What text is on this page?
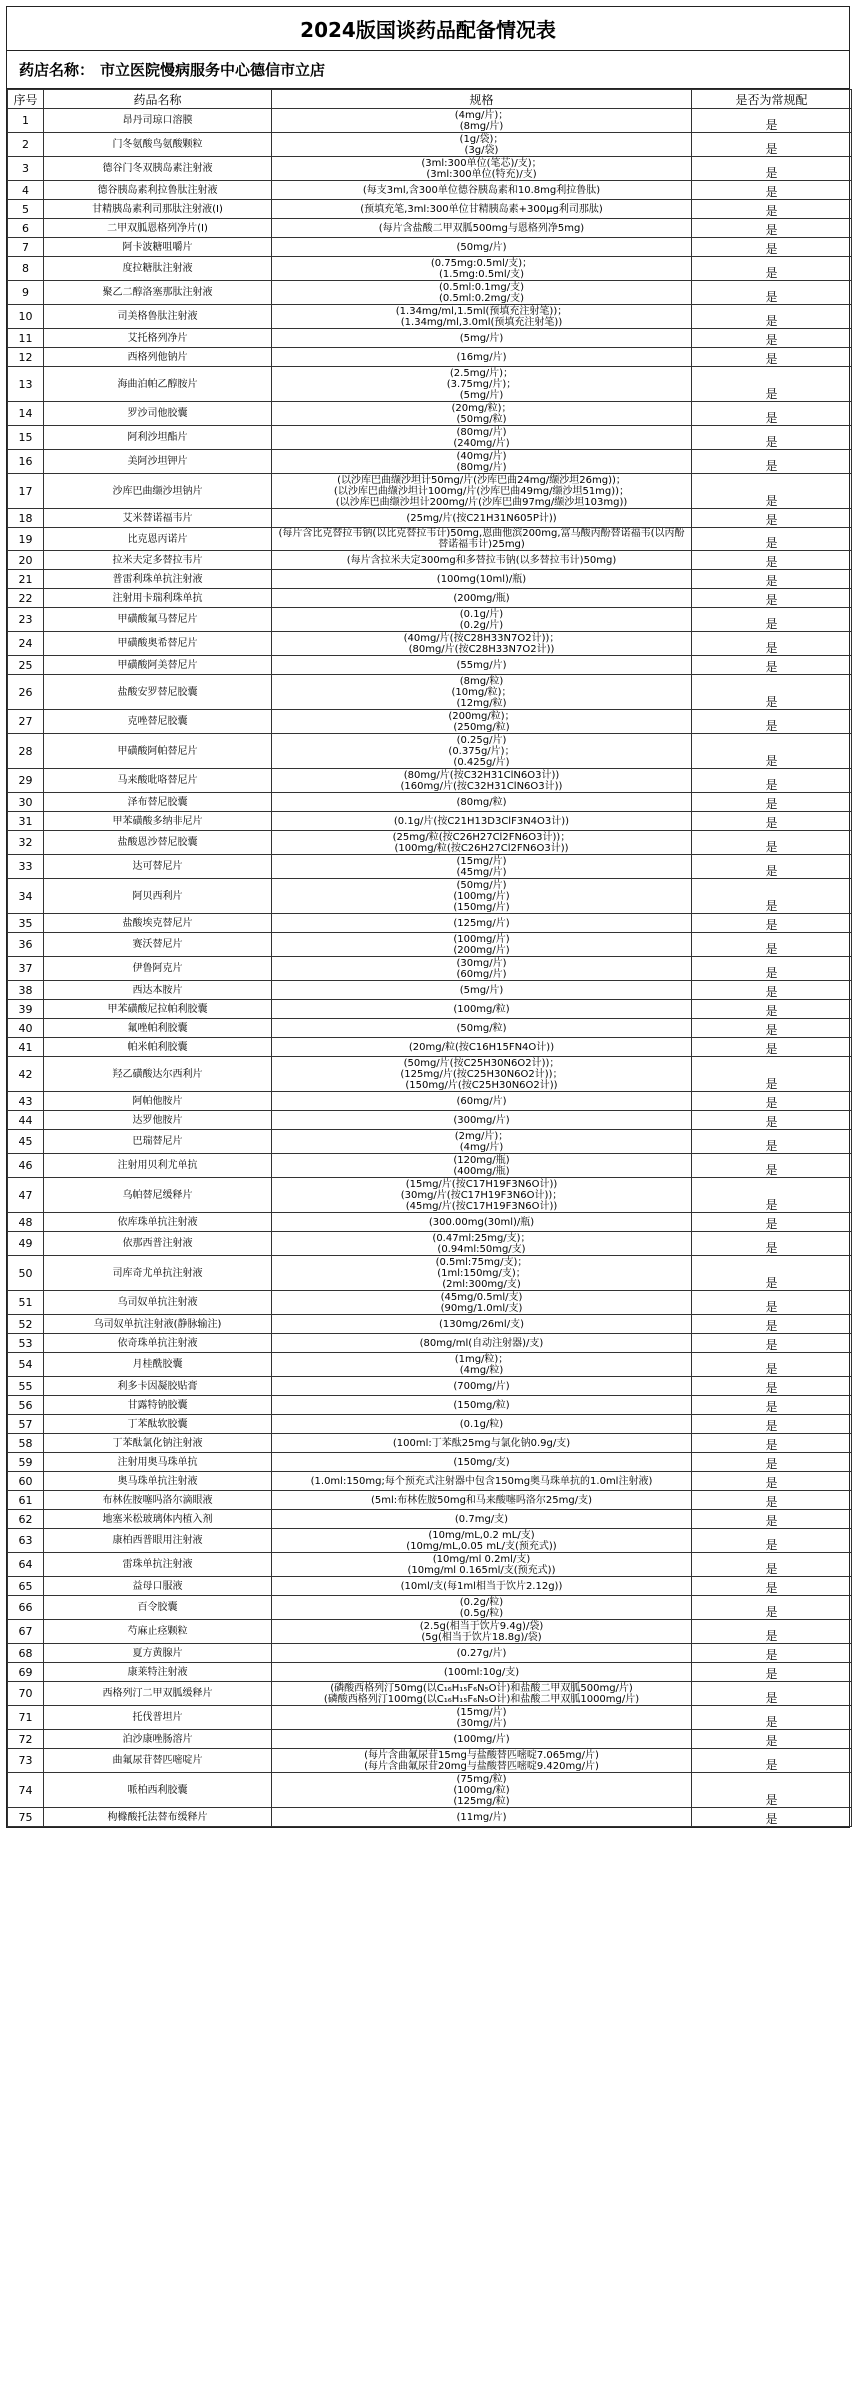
2024版国谈药品配备情况表
药店名称： 市立医院慢病服务中心德信市立店
序号	药品名称	规格	是否为常规配
1	昂丹司琼口溶膜	(4mg/片)；
(8mg/片)	是
2	门冬氨酸鸟氨酸颗粒	(1g/袋)；
(3g/袋)	是
3	德谷门冬双胰岛素注射液	(3ml:300单位(笔芯)/支)；
(3ml:300单位(特充)/支)	是
4	德谷胰岛素利拉鲁肽注射液	(每支3ml,含300单位德谷胰岛素和10.8mg利拉鲁肽)	是
5	甘精胰岛素利司那肽注射液(Ⅰ)	(预填充笔,3ml:300单位甘精胰岛素+300μg利司那肽)	是
6	二甲双胍恩格列净片(Ⅰ)	(每片含盐酸二甲双胍500mg与恩格列净5mg)	是
7	阿卡波糖咀嚼片	(50mg/片)	是
8	度拉糖肽注射液	(0.75mg:0.5ml/支)；
(1.5mg:0.5ml/支)	是
9	聚乙二醇洛塞那肽注射液	(0.5ml:0.1mg/支)
(0.5ml:0.2mg/支)	是
10	司美格鲁肽注射液	(1.34mg/ml,1.5ml(预填充注射笔))；
(1.34mg/ml,3.0ml(预填充注射笔))	是
11	艾托格列净片	(5mg/片)	是
12	西格列他钠片	(16mg/片)	是
13	海曲泊帕乙醇胺片	(2.5mg/片)；
(3.75mg/片)；
(5mg/片)	是
14	罗沙司他胶囊	(20mg/粒)；
(50mg/粒)	是
15	阿利沙坦酯片	(80mg/片)
(240mg/片)	是
16	美阿沙坦钾片	(40mg/片)
(80mg/片)	是
17	沙库巴曲缬沙坦钠片	(以沙库巴曲缬沙坦计50mg/片(沙库巴曲24mg/缬沙坦26mg))；
(以沙库巴曲缬沙坦计100mg/片(沙库巴曲49mg/缬沙坦51mg))；
(以沙库巴曲缬沙坦计200mg/片(沙库巴曲97mg/缬沙坦103mg))	是
18	艾米替诺福韦片	(25mg/片(按C21H31N605P计))	是
19	比克恩丙诺片	(每片含比克替拉韦钠(以比克替拉韦计)50mg,恩曲他滨200mg,富马酸丙酚替诺福韦(以丙酚替诺福韦计)25mg)	是
20	拉米夫定多替拉韦片	(每片含拉米夫定300mg和多替拉韦钠(以多替拉韦计)50mg)	是
21	普雷利珠单抗注射液	(100mg(10ml)/瓶)	是
22	注射用卡瑞利珠单抗	(200mg/瓶)	是
23	甲磺酸氟马替尼片	(0.1g/片)
(0.2g/片)	是
24	甲磺酸奥希替尼片	(40mg/片(按C28H33N7O2计))；
(80mg/片(按C28H33N7O2计))	是
25	甲磺酸阿美替尼片	(55mg/片)	是
26	盐酸安罗替尼胶囊	(8mg/粒)
(10mg/粒)；
(12mg/粒)	是
27	克唑替尼胶囊	(200mg/粒)；
(250mg/粒)	是
28	甲磺酸阿帕替尼片	(0.25g/片)
(0.375g/片)；
(0.425g/片)	是
29	马来酸吡咯替尼片	(80mg/片(按C32H31ClN6O3计))
(160mg/片(按C32H31ClN6O3计))	是
30	泽布替尼胶囊	(80mg/粒)	是
31	甲苯磺酸多纳非尼片	(0.1g/片(按C21H13D3ClF3N4O3计))	是
32	盐酸恩沙替尼胶囊	(25mg/粒(按C26H27Cl2FN6O3计))；
(100mg/粒(按C26H27Cl2FN6O3计))	是
33	达可替尼片	(15mg/片)
(45mg/片)	是
34	阿贝西利片	(50mg/片)
(100mg/片)
(150mg/片)	是
35	盐酸埃克替尼片	(125mg/片)	是
36	赛沃替尼片	(100mg/片)
(200mg/片)	是
37	伊鲁阿克片	(30mg/片)
(60mg/片)	是
38	西达本胺片	(5mg/片)	是
39	甲苯磺酸尼拉帕利胶囊	(100mg/粒)	是
40	氟唑帕利胶囊	(50mg/粒)	是
41	帕米帕利胶囊	(20mg/粒(按C16H15FN4O计))	是
42	羟乙磺酸达尔西利片	(50mg/片(按C25H30N6O2计))；
(125mg/片(按C25H30N6O2计))；
(150mg/片(按C25H30N6O2计))	是
43	阿帕他胺片	(60mg/片)	是
44	达罗他胺片	(300mg/片)	是
45	巴瑞替尼片	(2mg/片)；
(4mg/片)	是
46	注射用贝利尤单抗	(120mg/瓶)
(400mg/瓶)	是
47	乌帕替尼缓释片	(15mg/片(按C17H19F3N6O计))
(30mg/片(按C17H19F3N6O计))；
(45mg/片(按C17H19F3N6O计))	是
48	依库珠单抗注射液	(300.00mg(30ml)/瓶)	是
49	依那西普注射液	(0.47ml:25mg/支)；
(0.94ml:50mg/支)	是
50	司库奇尤单抗注射液	(0.5ml:75mg/支)；
(1ml:150mg/支)；
(2ml:300mg/支)	是
51	乌司奴单抗注射液	(45mg/0.5ml/支)
(90mg/1.0ml/支)	是
52	乌司奴单抗注射液(静脉输注)	(130mg/26ml/支)	是
53	依奇珠单抗注射液	(80mg/ml(自动注射器)/支)	是
54	月桂酰胶囊	(1mg/粒)；
(4mg/粒)	是
55	利多卡因凝胶贴膏	(700mg/片)	是
56	甘露特钠胶囊	(150mg/粒)	是
57	丁苯酞软胶囊	(0.1g/粒)	是
58	丁苯酞氯化钠注射液	(100ml:丁苯酞25mg与氯化钠0.9g/支)	是
59	注射用奥马珠单抗	(150mg/支)	是
60	奥马珠单抗注射液	(1.0ml:150mg;每个预充式注射器中包含150mg奥马珠单抗的1.0ml注射液)	是
61	布林佐胺噻吗洛尔滴眼液	(5ml:布林佐胺50mg和马来酸噻吗洛尔25mg/支)	是
62	地塞米松玻璃体内植入剂	(0.7mg/支)	是
63	康柏西普眼用注射液	(10mg/mL,0.2 mL/支)
(10mg/mL,0.05 mL/支(预充式))	是
64	雷珠单抗注射液	(10mg/ml 0.2ml/支)
(10mg/ml 0.165ml/支(预充式))	是
65	益母口服液	(10ml/支(每1ml相当于饮片2.12g))	是
66	百令胶囊	(0.2g/粒)
(0.5g/粒)	是
67	芍麻止痉颗粒	(2.5g(相当于饮片9.4g)/袋)
(5g(相当于饮片18.8g)/袋)	是
68	夏方黄腺片	(0.27g/片)	是
69	康莱特注射液	(100ml:10g/支)	是
70	西格列汀二甲双胍缓释片	(磷酸西格列汀50mg(以C₁₆H₁₅F₆N₅O计)和盐酸二甲双胍500mg/片)
(磷酸西格列汀100mg(以C₁₆H₁₅F₆N₅O计)和盐酸二甲双胍1000mg/片)	是
71	托伐普坦片	(15mg/片)
(30mg/片)	是
72	泊沙康唑肠溶片	(100mg/片)	是
73	曲氟尿苷替匹嘧啶片	(每片含曲氟尿苷15mg与盐酸替匹嘧啶7.065mg/片)
(每片含曲氟尿苷20mg与盐酸替匹嘧啶9.420mg/片)	是
74	哌柏西利胶囊	(75mg/粒)
(100mg/粒)
(125mg/粒)	是
75	枸橼酸托法替布缓释片	(11mg/片)	是
